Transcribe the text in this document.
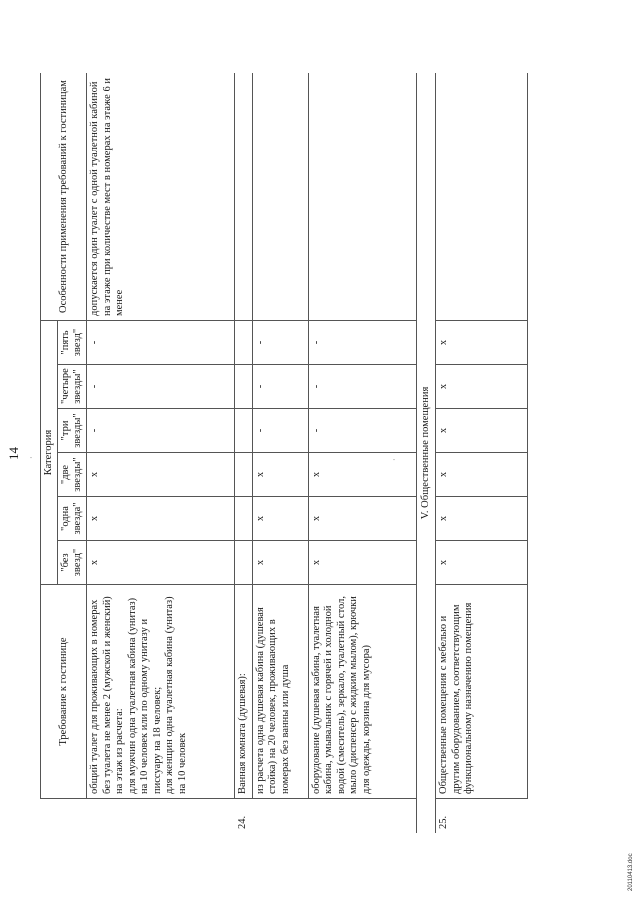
14 ·
·
	Требование к гостинице	Категория						Особенности применения требований к гостиницам
		"без звезд"	"одна звезда"	"две звезды"	"три звезды"	"четыре звезды"	"пять звезд"	

	общий туалет для проживающих в номерах без туалета не менее 2 (мужской и женский) на этаж из расчета: для мужчин одна туалетная кабина (унитаз) на 10 человек или по одному унитазу и писсуару на 18 человек; для женщин одна туалетная кабина (унитаз) на 10 человек	x	x	x	-	-	-	допускается один туалет с одной туалетной кабиной на этаже при количестве мест в номерах на этаже 6 и менее
24.	Ванная комната (душевая):							
	из расчета одна душевая кабина (душевая стойка) на 20 человек, проживающих в номерах без ванны или душа	x	x	x	-	-	-	
	оборудование (душевая кабина, туалетная кабина, умывальник с горячей и холодной водой (смеситель), зеркало, туалетный стол, мыло (диспенсер с жидким мылом), крючки для одежды, корзина для мусора)	x	x	x	-	-	-	
V. Общественные помещения								
25.	Общественные помещения с мебелью и другим оборудованием, соответствующим функциональному назначению помещения	x	x	x	x	x	x	
20110413.doc
